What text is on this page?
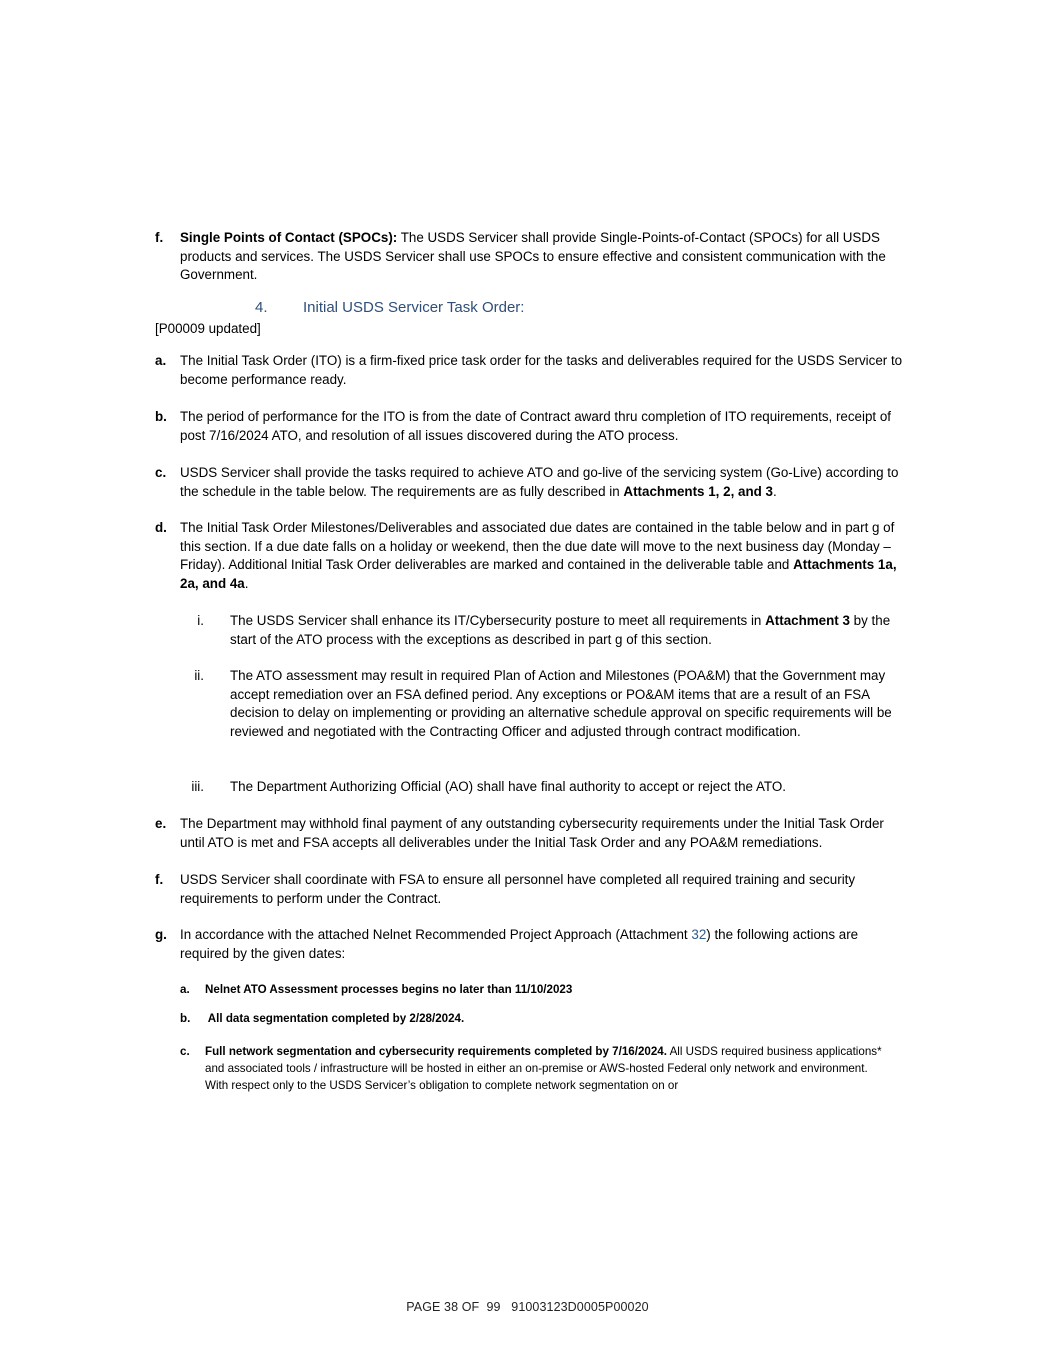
f. Single Points of Contact (SPOCs): The USDS Servicer shall provide Single-Points-of-Contact (SPOCs) for all USDS products and services. The USDS Servicer shall use SPOCs to ensure effective and consistent communication with the Government.
4. Initial USDS Servicer Task Order:
[P00009 updated]
a. The Initial Task Order (ITO) is a firm-fixed price task order for the tasks and deliverables required for the USDS Servicer to become performance ready.
b. The period of performance for the ITO is from the date of Contract award thru completion of ITO requirements, receipt of post 7/16/2024 ATO, and resolution of all issues discovered during the ATO process.
c. USDS Servicer shall provide the tasks required to achieve ATO and go-live of the servicing system (Go-Live) according to the schedule in the table below. The requirements are as fully described in Attachments 1, 2, and 3.
d. The Initial Task Order Milestones/Deliverables and associated due dates are contained in the table below and in part g of this section. If a due date falls on a holiday or weekend, then the due date will move to the next business day (Monday – Friday). Additional Initial Task Order deliverables are marked and contained in the deliverable table and Attachments 1a, 2a, and 4a.
i. The USDS Servicer shall enhance its IT/Cybersecurity posture to meet all requirements in Attachment 3 by the start of the ATO process with the exceptions as described in part g of this section.
ii. The ATO assessment may result in required Plan of Action and Milestones (POA&M) that the Government may accept remediation over an FSA defined period. Any exceptions or PO&AM items that are a result of an FSA decision to delay on implementing or providing an alternative schedule approval on specific requirements will be reviewed and negotiated with the Contracting Officer and adjusted through contract modification.
iii. The Department Authorizing Official (AO) shall have final authority to accept or reject the ATO.
e. The Department may withhold final payment of any outstanding cybersecurity requirements under the Initial Task Order until ATO is met and FSA accepts all deliverables under the Initial Task Order and any POA&M remediations.
f. USDS Servicer shall coordinate with FSA to ensure all personnel have completed all required training and security requirements to perform under the Contract.
g. In accordance with the attached Nelnet Recommended Project Approach (Attachment 32) the following actions are required by the given dates:
a. Nelnet ATO Assessment processes begins no later than 11/10/2023
b. All data segmentation completed by 2/28/2024.
c. Full network segmentation and cybersecurity requirements completed by 7/16/2024. All USDS required business applications* and associated tools / infrastructure will be hosted in either an on-premise or AWS-hosted Federal only network and environment.     With respect only to the USDS Servicer’s obligation to complete network segmentation on or
PAGE 38 OF  99   91003123D0005P00020
